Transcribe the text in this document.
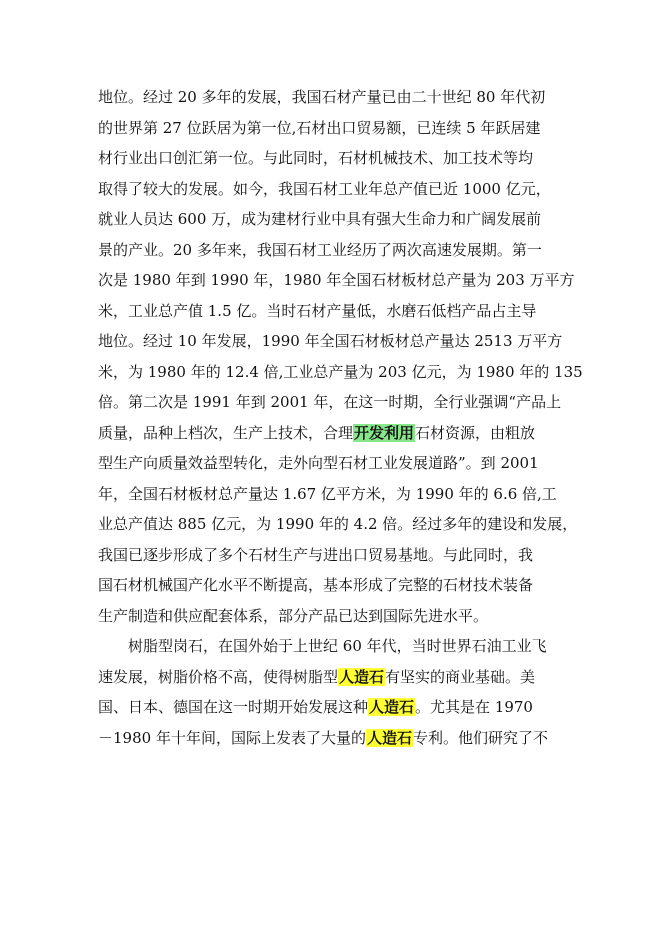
地位。经过 20 多年的发展，我国石材产量已由二十世纪 80 年代初
的世界第 27 位跃居为第一位,石材出口贸易额，已连续 5 年跃居建
材行业出口创汇第一位。与此同时，石材机械技术、加工技术等均
取得了较大的发展。如今，我国石材工业年总产值已近 1000 亿元，
就业人员达 600 万，成为建材行业中具有强大生命力和广阔发展前
景的产业。20 多年来，我国石材工业经历了两次高速发展期。第一
次是 1980 年到 1990 年，1980 年全国石材板材总产量为 203 万平方
米，工业总产值 1.5 亿。当时石材产量低，水磨石低档产品占主导
地位。经过 10 年发展，1990 年全国石材板材总产量达 2513 万平方
米，为 1980 年的 12.4 倍,工业总产量为 203 亿元，为 1980 年的 135
倍。第二次是 1991 年到 2001 年，在这一时期，全行业强调“产品上
质量，品种上档次，生产上技术，合理开发利用石材资源，由粗放
型生产向质量效益型转化，走外向型石材工业发展道路”。到 2001
年，全国石材板材总产量达 1.67 亿平方米，为 1990 年的 6.6 倍,工
业总产值达 885 亿元，为 1990 年的 4.2 倍。经过多年的建设和发展，
我国已逐步形成了多个石材生产与进出口贸易基地。与此同时，我
国石材机械国产化水平不断提高，基本形成了完整的石材技术装备
生产制造和供应配套体系，部分产品已达到国际先进水平。
树脂型岗石，在国外始于上世纪 60 年代，当时世界石油工业飞
速发展，树脂价格不高，使得树脂型人造石有坚实的商业基础。美
国、日本、德国在这一时期开始发展这种人造石。尤其是在 1970
－1980 年十年间，国际上发表了大量的人造石专利。他们研究了不
